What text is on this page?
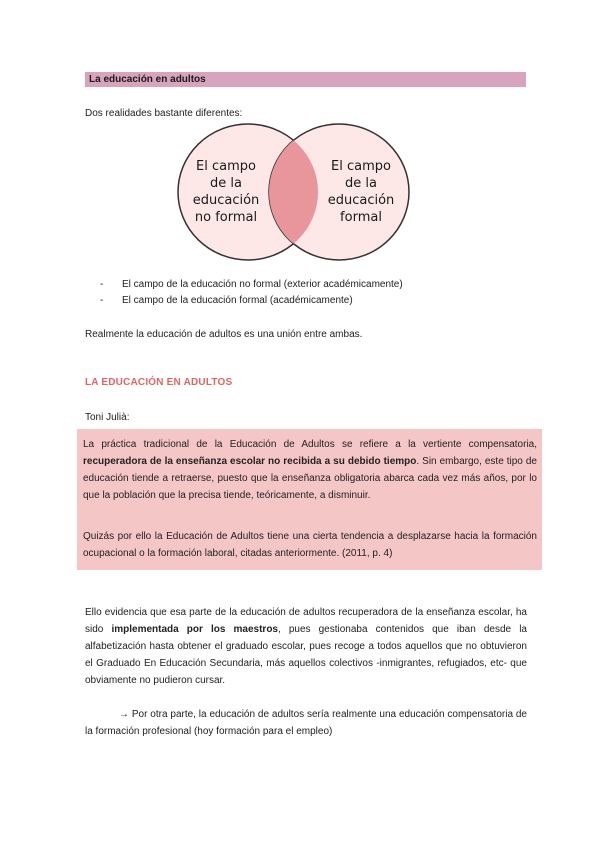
La educación en adultos
Dos realidades bastante diferentes:
El campo
de la
educación
no formal
El campo
de la
educación
formal
- El campo de la educación no formal (exterior académicamente)
- El campo de la educación formal (académicamente)
Realmente la educación de adultos es una unión entre ambas.
LA EDUCACIÓN EN ADULTOS
Toni Julià:

La práctica tradicional de la Educación de Adultos se refiere a la vertiente compensatoria, recuperadora de la enseñanza escolar no recibida a su debido tiempo. Sin embargo, este tipo de educación tiende a retraerse, puesto que la enseñanza obligatoria abarca cada vez más años, por lo que la población que la precisa tiende, teóricamente, a disminuir.

Quizás por ello la Educación de Adultos tiene una cierta tendencia a desplazarse hacia la formación ocupacional o la formación laboral, citadas anteriormente. (2011, p. 4)

Ello evidencia que esa parte de la educación de adultos recuperadora de la enseñanza escolar, ha sido implementada por los maestros, pues gestionaba contenidos que iban desde la alfabetización hasta obtener el graduado escolar, pues recoge a todos aquellos que no obtuvieron el Graduado En Educación Secundaria, más aquellos colectivos -inmigrantes, refugiados, etc- que obviamente no pudieron cursar.

→ Por otra parte, la educación de adultos sería realmente una educación compensatoria de la formación profesional (hoy formación para el empleo)
